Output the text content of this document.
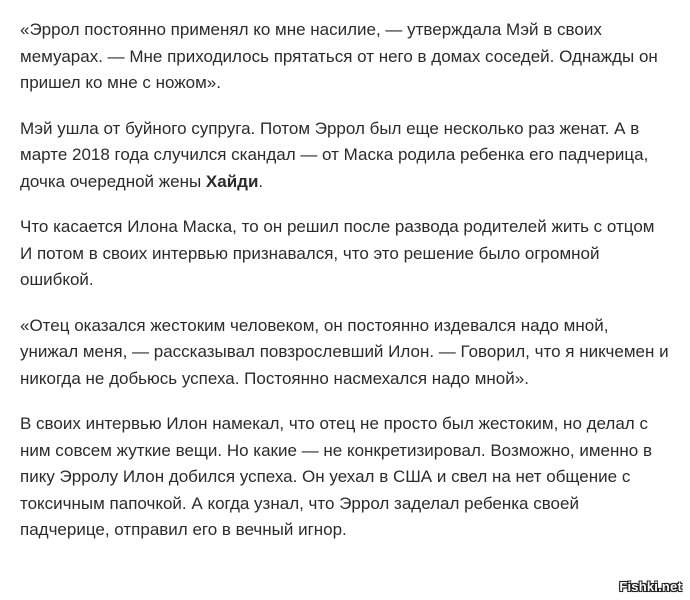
«Эррол постоянно применял ко мне насилие, — утверждала Мэй в своих мемуарах. — Мне приходилось прятаться от него в домах соседей. Однажды он пришел ко мне с ножом».

Мэй ушла от буйного супруга. Потом Эррол был еще несколько раз женат. А в марте 2018 года случился скандал — от Маска родила ребенка его падчерица, дочка очередной жены Хайди.

Что касается Илона Маска, то он решил после развода родителей жить с отцом И потом в своих интервью признавался, что это решение было огромной ошибкой.

«Отец оказался жестоким человеком, он постоянно издевался надо мной, унижал меня, — рассказывал повзрослевший Илон. — Говорил, что я никчемен и никогда не добьюсь успеха. Постоянно насмехался надо мной».

В своих интервью Илон намекал, что отец не просто был жестоким, но делал с ним совсем жуткие вещи. Но какие — не конкретизировал. Возможно, именно в пику Эрролу Илон добился успеха. Он уехал в США и свел на нет общение с токсичным папочкой. А когда узнал, что Эррол заделал ребенка своей падчерице, отправил его в вечный игнор.

Fishki.net
